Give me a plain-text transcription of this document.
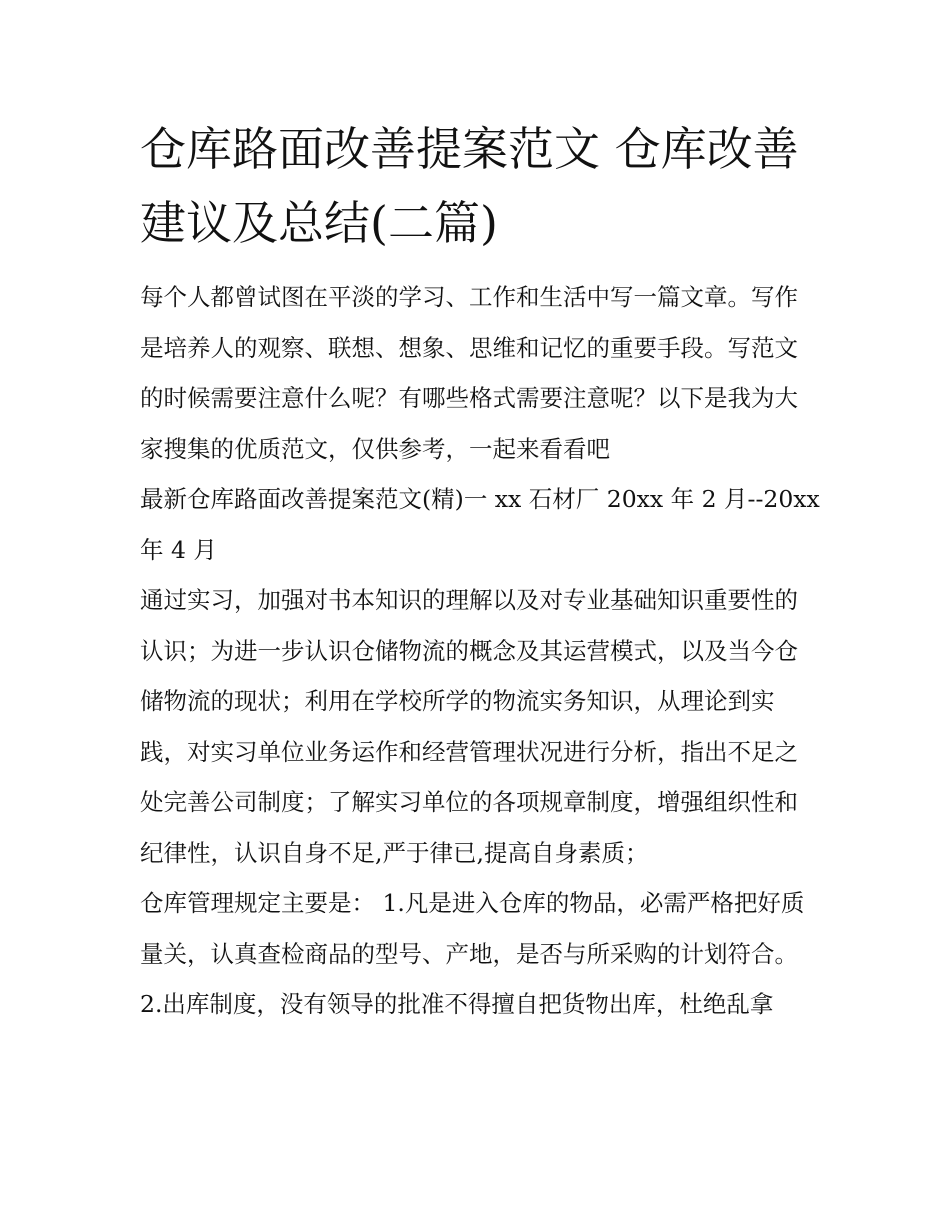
仓库路面改善提案范文 仓库改善建议及总结(二篇)

每个人都曾试图在平淡的学习、工作和生活中写一篇文章。写作是培养人的观察、联想、想象、思维和记忆的重要手段。写范文的时候需要注意什么呢？有哪些格式需要注意呢？以下是我为大家搜集的优质范文，仅供参考，一起来看看吧

最新仓库路面改善提案范文(精)一 xx 石材厂 20xx 年 2 月--20xx 年 4 月

通过实习，加强对书本知识的理解以及对专业基础知识重要性的认识；为进一步认识仓储物流的概念及其运营模式，以及当今仓储物流的现状；利用在学校所学的物流实务知识，从理论到实践，对实习单位业务运作和经营管理状况进行分析，指出不足之处完善公司制度；了解实习单位的各项规章制度，增强组织性和纪律性，认识自身不足,严于律已,提高自身素质；

仓库管理规定主要是： 1.凡是进入仓库的物品，必需严格把好质量关，认真查检商品的型号、产地，是否与所采购的计划符合。

2.出库制度，没有领导的批准不得擅自把货物出库，杜绝乱拿
